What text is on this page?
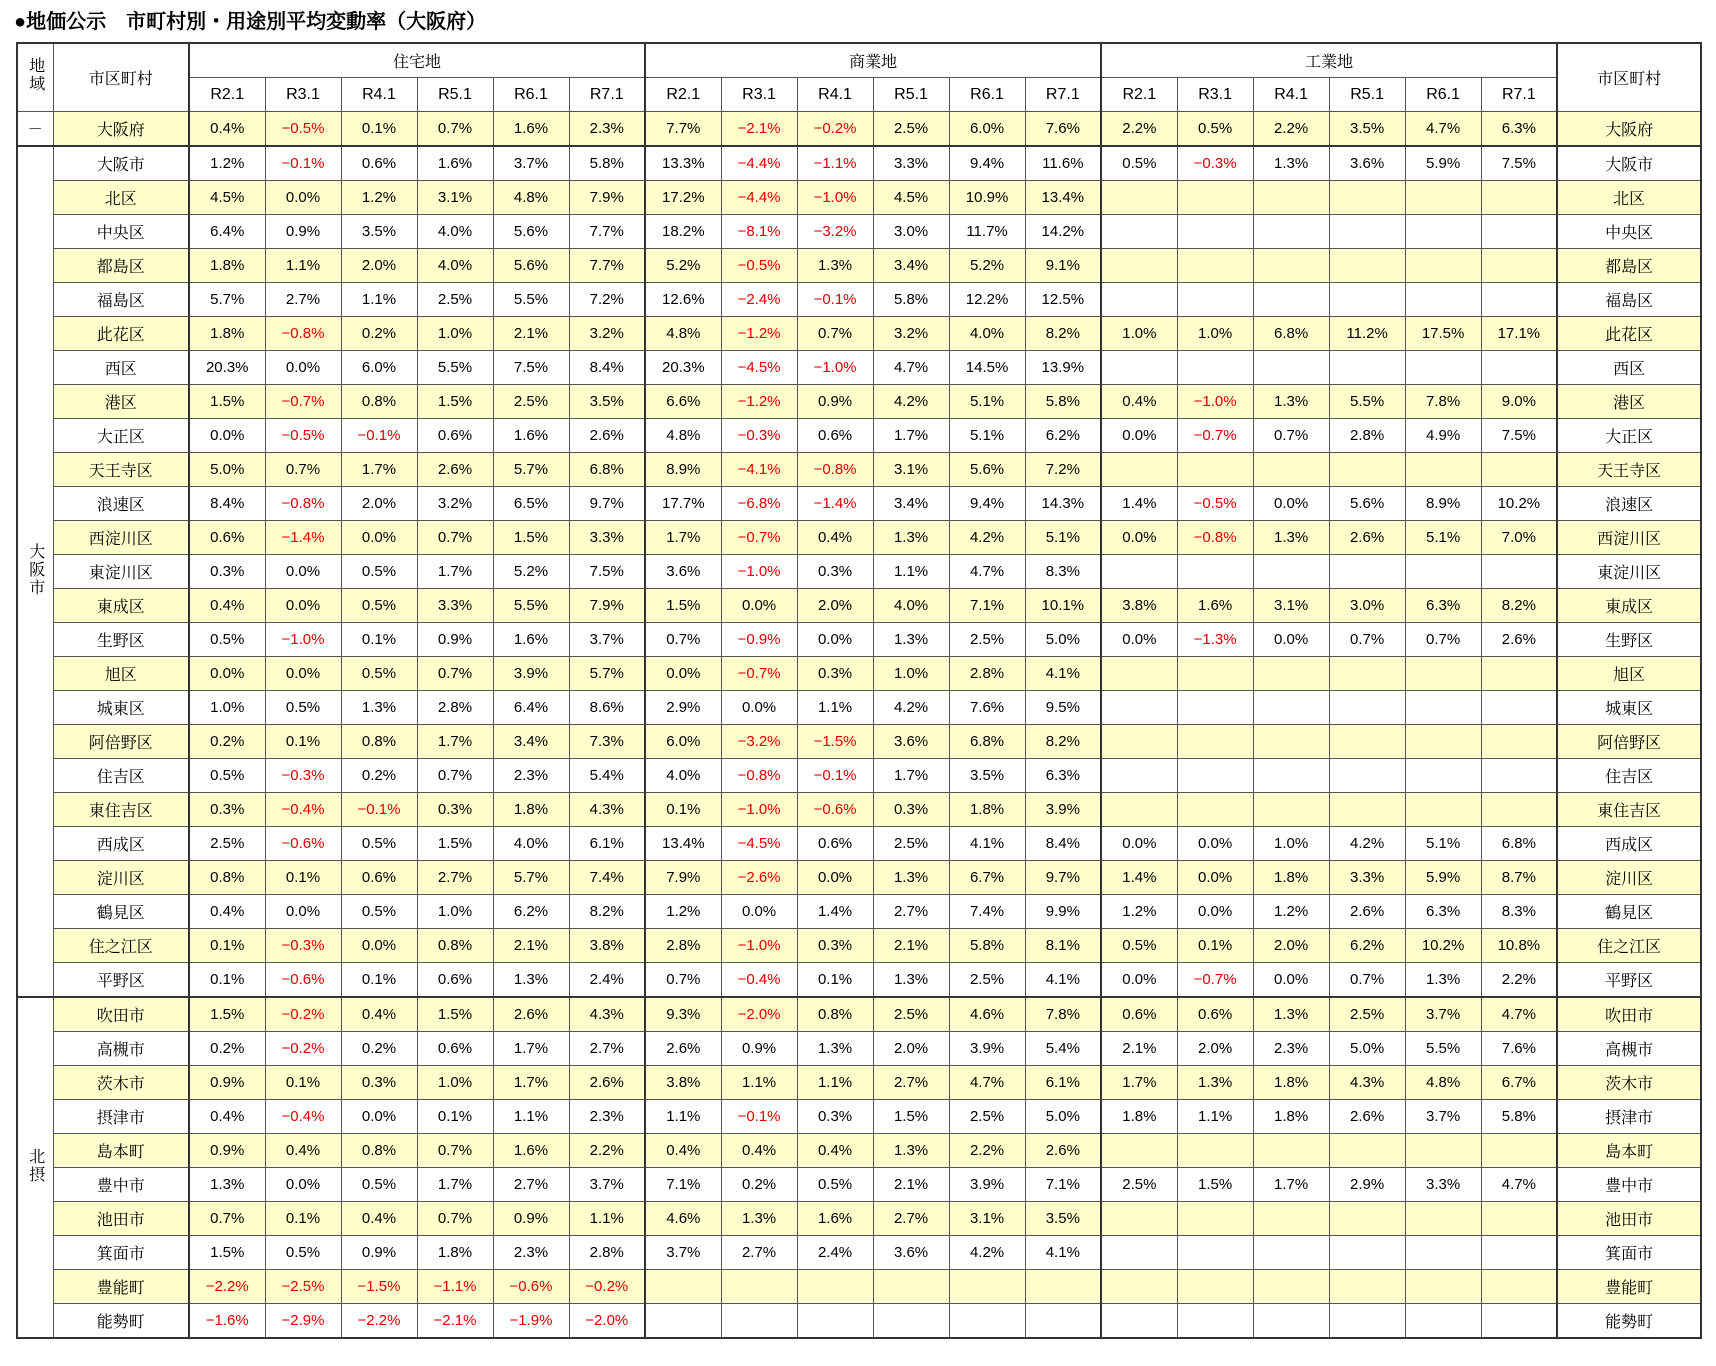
●地価公示　市町村別・用途別平均変動率（大阪府）
地域	市区町村	住宅地						商業地						工業地						市区町村
		R2.1	R3.1	R4.1	R5.1	R6.1	R7.1	R2.1	R3.1	R4.1	R5.1	R6.1	R7.1	R2.1	R3.1	R4.1	R5.1	R6.1	R7.1	
－	大阪府	0.4%	−0.5%	0.1%	0.7%	1.6%	2.3%	7.7%	−2.1%	−0.2%	2.5%	6.0%	7.6%	2.2%	0.5%	2.2%	3.5%	4.7%	6.3%	大阪府
大阪市	大阪市	1.2%	−0.1%	0.6%	1.6%	3.7%	5.8%	13.3%	−4.4%	−1.1%	3.3%	9.4%	11.6%	0.5%	−0.3%	1.3%	3.6%	5.9%	7.5%	大阪市
	北区	4.5%	0.0%	1.2%	3.1%	4.8%	7.9%	17.2%	−4.4%	−1.0%	4.5%	10.9%	13.4%							北区
	中央区	6.4%	0.9%	3.5%	4.0%	5.6%	7.7%	18.2%	−8.1%	−3.2%	3.0%	11.7%	14.2%							中央区
	都島区	1.8%	1.1%	2.0%	4.0%	5.6%	7.7%	5.2%	−0.5%	1.3%	3.4%	5.2%	9.1%							都島区
	福島区	5.7%	2.7%	1.1%	2.5%	5.5%	7.2%	12.6%	−2.4%	−0.1%	5.8%	12.2%	12.5%							福島区
	此花区	1.8%	−0.8%	0.2%	1.0%	2.1%	3.2%	4.8%	−1.2%	0.7%	3.2%	4.0%	8.2%	1.0%	1.0%	6.8%	11.2%	17.5%	17.1%	此花区
	西区	20.3%	0.0%	6.0%	5.5%	7.5%	8.4%	20.3%	−4.5%	−1.0%	4.7%	14.5%	13.9%							西区
	港区	1.5%	−0.7%	0.8%	1.5%	2.5%	3.5%	6.6%	−1.2%	0.9%	4.2%	5.1%	5.8%	0.4%	−1.0%	1.3%	5.5%	7.8%	9.0%	港区
	大正区	0.0%	−0.5%	−0.1%	0.6%	1.6%	2.6%	4.8%	−0.3%	0.6%	1.7%	5.1%	6.2%	0.0%	−0.7%	0.7%	2.8%	4.9%	7.5%	大正区
	天王寺区	5.0%	0.7%	1.7%	2.6%	5.7%	6.8%	8.9%	−4.1%	−0.8%	3.1%	5.6%	7.2%							天王寺区
	浪速区	8.4%	−0.8%	2.0%	3.2%	6.5%	9.7%	17.7%	−6.8%	−1.4%	3.4%	9.4%	14.3%	1.4%	−0.5%	0.0%	5.6%	8.9%	10.2%	浪速区
	西淀川区	0.6%	−1.4%	0.0%	0.7%	1.5%	3.3%	1.7%	−0.7%	0.4%	1.3%	4.2%	5.1%	0.0%	−0.8%	1.3%	2.6%	5.1%	7.0%	西淀川区
	東淀川区	0.3%	0.0%	0.5%	1.7%	5.2%	7.5%	3.6%	−1.0%	0.3%	1.1%	4.7%	8.3%							東淀川区
	東成区	0.4%	0.0%	0.5%	3.3%	5.5%	7.9%	1.5%	0.0%	2.0%	4.0%	7.1%	10.1%	3.8%	1.6%	3.1%	3.0%	6.3%	8.2%	東成区
	生野区	0.5%	−1.0%	0.1%	0.9%	1.6%	3.7%	0.7%	−0.9%	0.0%	1.3%	2.5%	5.0%	0.0%	−1.3%	0.0%	0.7%	0.7%	2.6%	生野区
	旭区	0.0%	0.0%	0.5%	0.7%	3.9%	5.7%	0.0%	−0.7%	0.3%	1.0%	2.8%	4.1%							旭区
	城東区	1.0%	0.5%	1.3%	2.8%	6.4%	8.6%	2.9%	0.0%	1.1%	4.2%	7.6%	9.5%							城東区
	阿倍野区	0.2%	0.1%	0.8%	1.7%	3.4%	7.3%	6.0%	−3.2%	−1.5%	3.6%	6.8%	8.2%							阿倍野区
	住吉区	0.5%	−0.3%	0.2%	0.7%	2.3%	5.4%	4.0%	−0.8%	−0.1%	1.7%	3.5%	6.3%							住吉区
	東住吉区	0.3%	−0.4%	−0.1%	0.3%	1.8%	4.3%	0.1%	−1.0%	−0.6%	0.3%	1.8%	3.9%							東住吉区
	西成区	2.5%	−0.6%	0.5%	1.5%	4.0%	6.1%	13.4%	−4.5%	0.6%	2.5%	4.1%	8.4%	0.0%	0.0%	1.0%	4.2%	5.1%	6.8%	西成区
	淀川区	0.8%	0.1%	0.6%	2.7%	5.7%	7.4%	7.9%	−2.6%	0.0%	1.3%	6.7%	9.7%	1.4%	0.0%	1.8%	3.3%	5.9%	8.7%	淀川区
	鶴見区	0.4%	0.0%	0.5%	1.0%	6.2%	8.2%	1.2%	0.0%	1.4%	2.7%	7.4%	9.9%	1.2%	0.0%	1.2%	2.6%	6.3%	8.3%	鶴見区
	住之江区	0.1%	−0.3%	0.0%	0.8%	2.1%	3.8%	2.8%	−1.0%	0.3%	2.1%	5.8%	8.1%	0.5%	0.1%	2.0%	6.2%	10.2%	10.8%	住之江区
	平野区	0.1%	−0.6%	0.1%	0.6%	1.3%	2.4%	0.7%	−0.4%	0.1%	1.3%	2.5%	4.1%	0.0%	−0.7%	0.0%	0.7%	1.3%	2.2%	平野区
北摂	吹田市	1.5%	−0.2%	0.4%	1.5%	2.6%	4.3%	9.3%	−2.0%	0.8%	2.5%	4.6%	7.8%	0.6%	0.6%	1.3%	2.5%	3.7%	4.7%	吹田市
	高槻市	0.2%	−0.2%	0.2%	0.6%	1.7%	2.7%	2.6%	0.9%	1.3%	2.0%	3.9%	5.4%	2.1%	2.0%	2.3%	5.0%	5.5%	7.6%	高槻市
	茨木市	0.9%	0.1%	0.3%	1.0%	1.7%	2.6%	3.8%	1.1%	1.1%	2.7%	4.7%	6.1%	1.7%	1.3%	1.8%	4.3%	4.8%	6.7%	茨木市
	摂津市	0.4%	−0.4%	0.0%	0.1%	1.1%	2.3%	1.1%	−0.1%	0.3%	1.5%	2.5%	5.0%	1.8%	1.1%	1.8%	2.6%	3.7%	5.8%	摂津市
	島本町	0.9%	0.4%	0.8%	0.7%	1.6%	2.2%	0.4%	0.4%	0.4%	1.3%	2.2%	2.6%							島本町
	豊中市	1.3%	0.0%	0.5%	1.7%	2.7%	3.7%	7.1%	0.2%	0.5%	2.1%	3.9%	7.1%	2.5%	1.5%	1.7%	2.9%	3.3%	4.7%	豊中市
	池田市	0.7%	0.1%	0.4%	0.7%	0.9%	1.1%	4.6%	1.3%	1.6%	2.7%	3.1%	3.5%							池田市
	箕面市	1.5%	0.5%	0.9%	1.8%	2.3%	2.8%	3.7%	2.7%	2.4%	3.6%	4.2%	4.1%							箕面市
	豊能町	−2.2%	−2.5%	−1.5%	−1.1%	−0.6%	−0.2%													豊能町
	能勢町	−1.6%	−2.9%	−2.2%	−2.1%	−1.9%	−2.0%													能勢町
